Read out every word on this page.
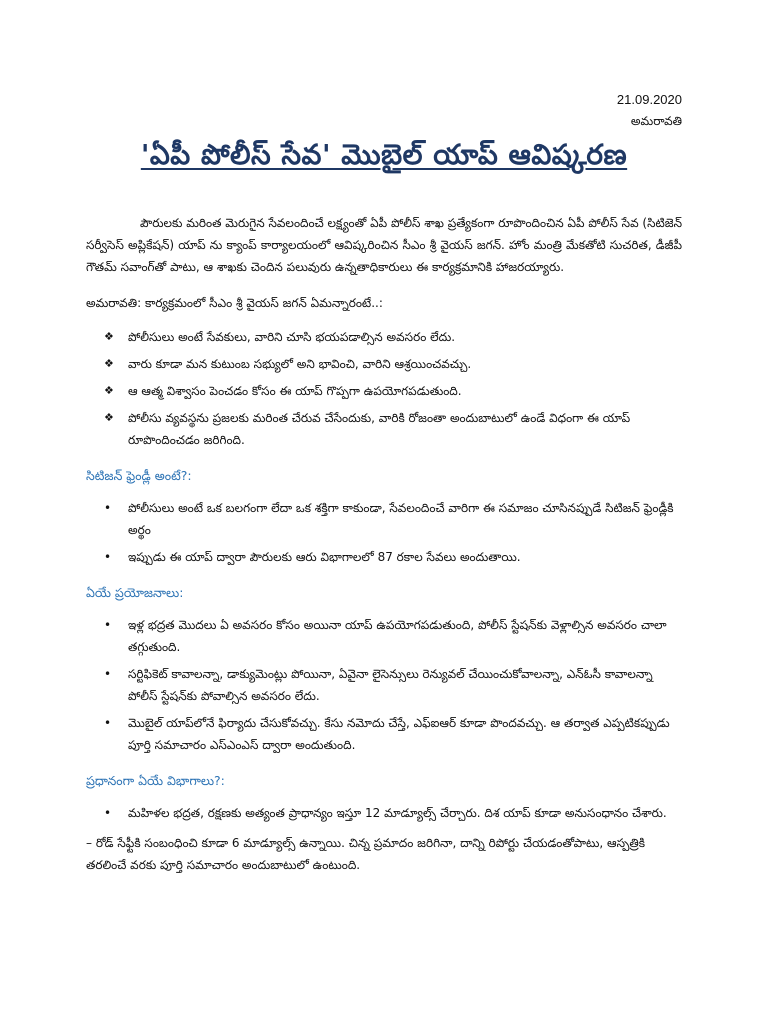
21.09.2020
అమరావతి
'ఏపీ పోలీస్ సేవ' మొబైల్ యాప్ ఆవిష్కరణ

పౌరులకు మరింత మెరుగైన సేవలందించే లక్ష్యంతో ఏపీ పోలీస్ శాఖ ప్రత్యేకంగా రూపొందించిన ఏపీ పోలీస్ సేవ (సిటిజెన్ సర్వీసెస్ అప్లికేషన్) యాప్ ను క్యాంప్ కార్యాలయంలో ఆవిష్కరించిన సీఎం శ్రీ వైయస్ జగన్. హోం మంత్రి మేకతోటి సుచరిత, డీజీపీ గౌతమ్ సవాంగ్‌తో పాటు, ఆ శాఖకు చెందిన పలువురు ఉన్నతాధికారులు ఈ కార్యక్రమానికి హాజరయ్యారు.

అమరావతి: కార్యక్రమంలో సీఎం శ్రీ వైయస్ జగన్ ఏమన్నారంటే..:

❖ పోలీసులు అంటే సేవకులు, వారిని చూసి భయపడాల్సిన అవసరం లేదు.
❖ వారు కూడా మన కుటుంబ సభ్యులో అని భావించి, వారిని ఆశ్రయించవచ్చు.
❖ ఆ ఆత్మ విశ్వాసం పెంచడం కోసం ఈ యాప్ గొప్పగా ఉపయోగపడుతుంది.
❖ పోలీసు వ్యవస్థను ప్రజలకు మరింత చేరువ చేసేందుకు, వారికి రోజంతా అందుబాటులో ఉండే విధంగా ఈ యాప్ రూపొందించడం జరిగింది.
సిటిజన్ ఫ్రెండ్లీ అంటే?:
• పోలీసులు అంటే ఒక బలగంగా లేదా ఒక శక్తిగా కాకుండా, సేవలందించే వారిగా ఈ సమాజం చూసినప్పుడే సిటిజన్ ఫ్రెండ్లీకి అర్థం
• ఇప్పుడు ఈ యాప్ ద్వారా పౌరులకు ఆరు విభాగాలలో 87 రకాల సేవలు అందుతాయి.
ఏయే ప్రయోజనాలు:
• ఇళ్ల భద్రత మొదలు ఏ అవసరం కోసం అయినా యాప్ ఉపయోగపడుతుంది, పోలీస్ స్టేషన్‌కు వెళ్లాల్సిన అవసరం చాలా తగ్గుతుంది.
• సర్టిఫికెట్ కావాలన్నా, డాక్యుమెంట్లు పోయినా, ఏవైనా లైసెన్సులు రెన్యువల్ చేయించుకోవాలన్నా, ఎన్ఓసీ కావాలన్నా పోలీస్ స్టేషన్‌కు పోవాల్సిన అవసరం లేదు.
• మొబైల్ యాప్‌లోనే ఫిర్యాదు చేసుకోవచ్చు. కేసు నమోదు చేస్తే, ఎఫ్ఐఆర్ కూడా పొందవచ్చు. ఆ తర్వాత ఎప్పటికప్పుడు పూర్తి సమాచారం ఎస్ఎంఎస్ ద్వారా అందుతుంది.
ప్రధానంగా ఏయే విభాగాలు?:
• మహిళల భద్రత, రక్షణకు అత్యంత ప్రాధాన్యం ఇస్తూ 12 మాడ్యూల్స్ చేర్చారు. దిశ యాప్ కూడా అనుసంధానం చేశారు.

– రోడ్ సేఫ్టీకి సంబంధించి కూడా 6 మాడ్యూల్స్ ఉన్నాయి. చిన్న ప్రమాదం జరిగినా, దాన్ని రిపోర్టు చేయడంతోపాటు, ఆస్పత్రికి తరలించే వరకు పూర్తి సమాచారం అందుబాటులో ఉంటుంది.
